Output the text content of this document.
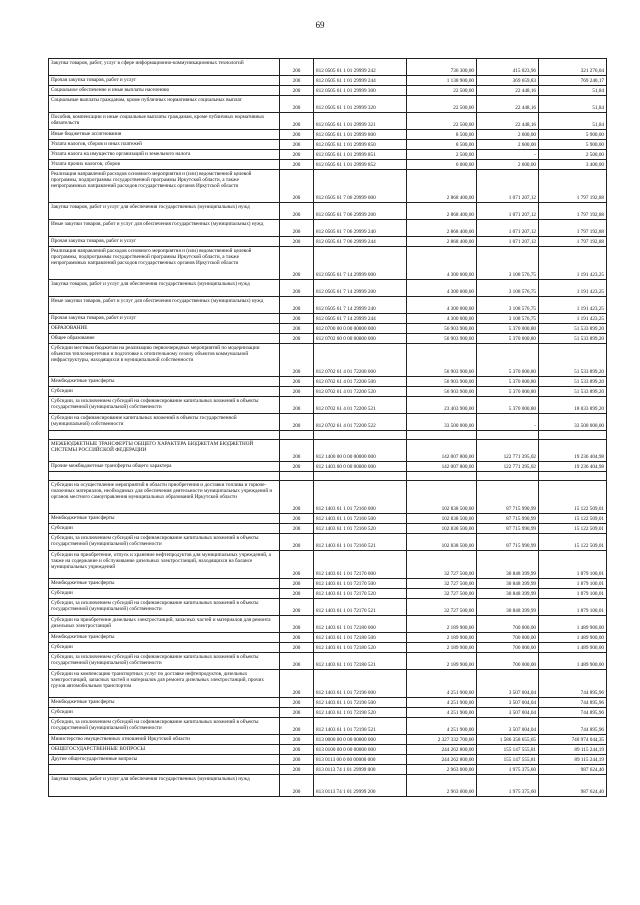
69
Закупка товаров, работ, услуг в сфере информационно-коммуникационных технологий	200	812 0505 61 1 01 29999 242	736 300,00	415 023,96	321 276,04
Прочая закупка товаров, работ и услуг	200	812 0505 61 1 01 29999 244	1 138 900,00	369 659,83	769 240,17
Социальное обеспечение и иные выплаты населению	200	812 0505 61 1 01 29999 300	22 500,00	22 448,16	51,84
Социальные выплаты гражданам, кроме публичных нормативных социальных выплат	200	812 0505 61 1 01 29999 320	22 500,00	22 448,16	51,84
Пособия, компенсации и иные социальные выплаты гражданам, кроме публичных нормативных обязательств	200	812 0505 61 1 01 29999 321	22 500,00	22 448,16	51,84
Иные бюджетные ассигнования	200	812 0505 61 1 01 29999 800	8 500,00	2 600,00	5 900,00
Уплата налогов, сборов и иных платежей	200	812 0505 61 1 01 29999 850	8 500,00	2 600,00	5 900,00
Уплата налога на имущество организаций и земельного налога	200	812 0505 61 1 01 29999 851	2 500,00	-	2 500,00
Уплата прочих налогов, сборов	200	812 0505 61 1 01 29999 852	6 000,00	2 600,00	3 400,00
Реализация направлений расходов основного мероприятия и (или) ведомственной целевой программы, подпрограммы государственной программы Иркутской области, а также непрограммных направлений расходов государственных органов Иркутской области	200	812 0505 61 7 06 29999 000	2 868 400,00	1 071 207,12	1 797 192,88
Закупка товаров, работ и услуг для обеспечения государственных (муниципальных) нужд	200	812 0505 61 7 06 29999 200	2 868 400,00	1 071 207,12	1 797 192,88
Иные закупки товаров, работ и услуг для обеспечения государственных (муниципальных) нужд	200	812 0505 61 7 06 29999 240	2 868 400,00	1 071 207,12	1 797 192,88
Прочая закупка товаров, работ и услуг	200	812 0505 61 7 06 29999 244	2 868 400,00	1 071 207,12	1 797 192,88
Реализация направлений расходов основного мероприятия и (или) ведомственной целевой программы, подпрограммы государственной программы Иркутской области, а также непрограммных направлений расходов государственных органов Иркутской области	200	812 0505 61 7 14 29999 000	4 300 000,00	3 108 576,75	1 191 423,25
Закупка товаров, работ и услуг для обеспечения государственных (муниципальных) нужд	200	812 0505 61 7 14 29999 200	4 300 000,00	3 108 576,75	1 191 423,25
Иные закупки товаров, работ и услуг для обеспечения государственных (муниципальных) нужд	200	812 0505 61 7 14 29999 240	4 300 000,00	3 108 576,75	1 191 423,25
Прочая закупка товаров, работ и услуг	200	812 0505 61 7 14 29999 244	4 300 000,00	3 108 576,75	1 191 423,25
ОБРАЗОВАНИЕ	200	812 0700 00 0 00 00000 000	56 903 900,00	5 370 000,80	51 533 899,20
Общее образование	200	812 0702 00 0 00 00000 000	56 903 900,00	5 370 000,80	51 533 899,20
Субсидии местным бюджетам на реализацию первоочередных мероприятий по модернизации объектов теплоэнергетики и подготовке к отопительному сезону объектов коммунальной инфраструктуры, находящихся в муниципальной собственности	200	812 0702 61 4 01 72200 000	56 903 900,00	5 370 000,80	51 533 899,20
Межбюджетные трансферты	200	812 0702 61 4 01 72200 500	56 903 900,00	5 370 000,80	51 533 899,20
Субсидии	200	812 0702 61 4 01 72200 520	56 903 900,00	5 370 000,80	51 533 899,20
Субсидии, за исключением субсидий на софинансирование капитальных вложений в объекты государственной (муниципальной) собственности	200	812 0702 61 4 01 72200 521	23 403 900,00	5 370 000,80	18 033 899,20
Субсидии на софинансирование капитальных вложений в объекты государственной (муниципальной) собственности	200	812 0702 61 4 01 72200 522	33 500 000,00	-	33 500 000,00

МЕЖБЮДЖЕТНЫЕ ТРАНСФЕРТЫ ОБЩЕГО ХАРАКТЕРА БЮДЖЕТАМ БЮДЖЕТНОЙ СИСТЕМЫ РОССИЙСКОЙ ФЕДЕРАЦИИ	200	812 1400 00 0 00 00000 000	142 007 800,00	122 771 395,02	19 236 404,98
Прочие межбюджетные трансферты общего характера	200	812 1403 00 0 00 00000 000	142 007 800,00	122 771 395,02	19 236 404,98

Субсидии на осуществление мероприятий в области приобретения и доставки топлива и горюче-смазочных материалов, необходимых для обеспечения деятельности муниципальных учреждений и органов местного самоуправления муниципальных образований Иркутской области	200	812 1403 61 1 01 72160 000	102 838 500,00	87 715 990,99	15 122 509,01
Межбюджетные трансферты	200	812 1403 61 1 01 72160 500	102 838 500,00	87 715 990,99	15 122 509,01
Субсидии	200	812 1403 61 1 01 72160 520	102 838 500,00	87 715 990,99	15 122 509,01
Субсидии, за исключением субсидий на софинансирование капитальных вложений в объекты государственной (муниципальной) собственности	200	812 1403 61 1 01 72160 521	102 838 500,00	87 715 990,99	15 122 509,01
Субсидии на приобретение, отпуск и хранение нефтепродуктов для муниципальных учреждений, а также на содержание и обслуживание дизельных электростанций, находящихся на балансе муниципальных учреждений	200	812 1403 61 1 01 72170 000	32 727 500,00	30 848 399,99	1 879 100,01
Межбюджетные трансферты	200	812 1403 61 1 01 72170 500	32 727 500,00	30 848 399,99	1 879 100,01
Субсидии	200	812 1403 61 1 01 72170 520	32 727 500,00	30 848 399,99	1 879 100,01
Субсидии, за исключением субсидий на софинансирование капитальных вложений в объекты государственной (муниципальной) собственности	200	812 1403 61 1 01 72170 521	32 727 500,00	30 848 399,99	1 879 100,01
Субсидии на приобретение дизельных электростанций, запасных частей и материалов для ремонта дизельных электростанций	200	812 1403 61 1 01 72180 000	2 189 900,00	700 000,00	1 489 900,00
Межбюджетные трансферты	200	812 1403 61 1 01 72180 500	2 189 900,00	700 000,00	1 489 900,00
Субсидии	200	812 1403 61 1 01 72180 520	2 189 900,00	700 000,00	1 489 900,00
Субсидии, за исключением субсидий на софинансирование капитальных вложений в объекты государственной (муниципальной) собственности	200	812 1403 61 1 01 72180 521	2 189 900,00	700 000,00	1 489 900,00
Субсидии на компенсацию транспортных услуг по доставке нефтепродуктов, дизельных электростанций, запасных частей и материалов для ремонта дизельных электростанций, прочих грузов автомобильным транспортом	200	812 1403 61 1 01 72190 000	4 251 900,00	3 507 004,04	744 895,96
Межбюджетные трансферты	200	812 1403 61 1 01 72190 500	4 251 900,00	3 507 004,04	744 895,96
Субсидии	200	812 1403 61 1 01 72190 520	4 251 900,00	3 507 004,04	744 895,96
Субсидии, за исключением субсидий на софинансирование капитальных вложений в объекты государственной (муниципальной) собственности	200	812 1403 61 1 01 72190 521	4 251 900,00	3 507 004,04	744 895,96
Министерство имущественных отношений Иркутской области	200	813 0000 00 0 00 00000 000	2 327 332 700,00	1 586 358 655,65	740 974 044,35
ОБЩЕГОСУДАРСТВЕННЫЕ ВОПРОСЫ	200	813 0100 00 0 00 00000 000	244 262 800,00	155 147 555,81	89 115 244,19
Другие общегосударственные вопросы	200	813 0113 00 0 00 00000 000	244 262 800,00	155 147 555,81	89 115 244,19
	200	813 0113 74 1 01 29999 000	2 963 000,00	1 975 375,60	987 624,40
Закупка товаров, работ и услуг для обеспечения государственных (муниципальных) нужд	200	813 0113 74 1 01 29999 200	2 963 000,00	1 975 375,60	987 624,40
